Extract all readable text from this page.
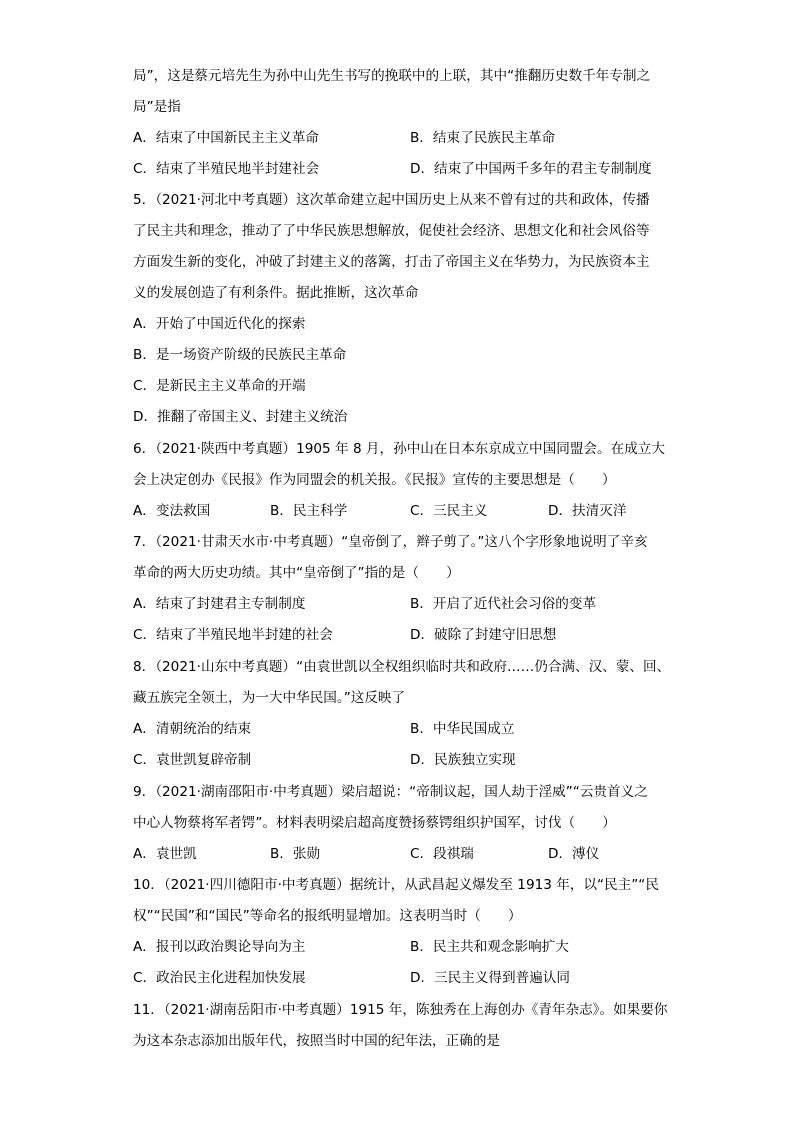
局”，这是蔡元培先生为孙中山先生书写的挽联中的上联，其中“推翻历史数千年专制之
局”是指
A．结束了中国新民主主义革命	B．结束了民族民主革命
C．结束了半殖民地半封建社会	D．结束了中国两千多年的君主专制制度
5．（2021·河北中考真题）这次革命建立起中国历史上从来不曾有过的共和政体，传播
了民主共和理念，推动了了中华民族思想解放，促使社会经济、思想文化和社会风俗等
方面发生新的变化，冲破了封建主义的落篱，打击了帝国主义在华势力，为民族资本主
义的发展创造了有利条件。据此推断，这次革命
A．开始了中国近代化的探索
B．是一场资产阶级的民族民主革命
C．是新民主主义革命的开端
D．推翻了帝国主义、封建主义统治
6．（2021·陕西中考真题）1905 年 8 月，孙中山在日本东京成立中国同盟会。在成立大
会上决定创办《民报》作为同盟会的机关报。《民报》宣传的主要思想是（　　）
A．变法救国	B．民主科学	C．三民主义	D．扶清灭洋
7．（2021·甘肃天水市·中考真题）“皇帝倒了，辫子剪了。”这八个字形象地说明了辛亥
革命的两大历史功绩。其中“皇帝倒了”指的是（　　）
A．结束了封建君主专制制度	B．开启了近代社会习俗的变革
C．结束了半殖民地半封建的社会	D．破除了封建守旧思想
8．（2021·山东中考真题）“由袁世凯以全权组织临时共和政府……仍合满、汉、蒙、回、
藏五族完全领土，为一大中华民国。”这反映了
A．清朝统治的结束	B．中华民国成立
C．袁世凯复辟帝制	D．民族独立实现
9．（2021·湖南邵阳市·中考真题）梁启超说：“帝制议起，国人劫于淫威”“云贵首义之
中心人物蔡将军者锷”。材料表明梁启超高度赞扬蔡锷组织护国军，讨伐（　　）
A．袁世凯	B．张勋	C．段祺瑞	D．溥仪
10．（2021·四川德阳市·中考真题）据统计，从武昌起义爆发至 1913 年，以“民主”“民
权”“民国”和“国民”等命名的报纸明显增加。这表明当时（　　）
A．报刊以政治舆论导向为主	B．民主共和观念影响扩大
C．政治民主化进程加快发展	D．三民主义得到普遍认同
11．（2021·湖南岳阳市·中考真题）1915 年，陈独秀在上海创办《青年杂志》。如果要你
为这本杂志添加出版年代，按照当时中国的纪年法，正确的是
